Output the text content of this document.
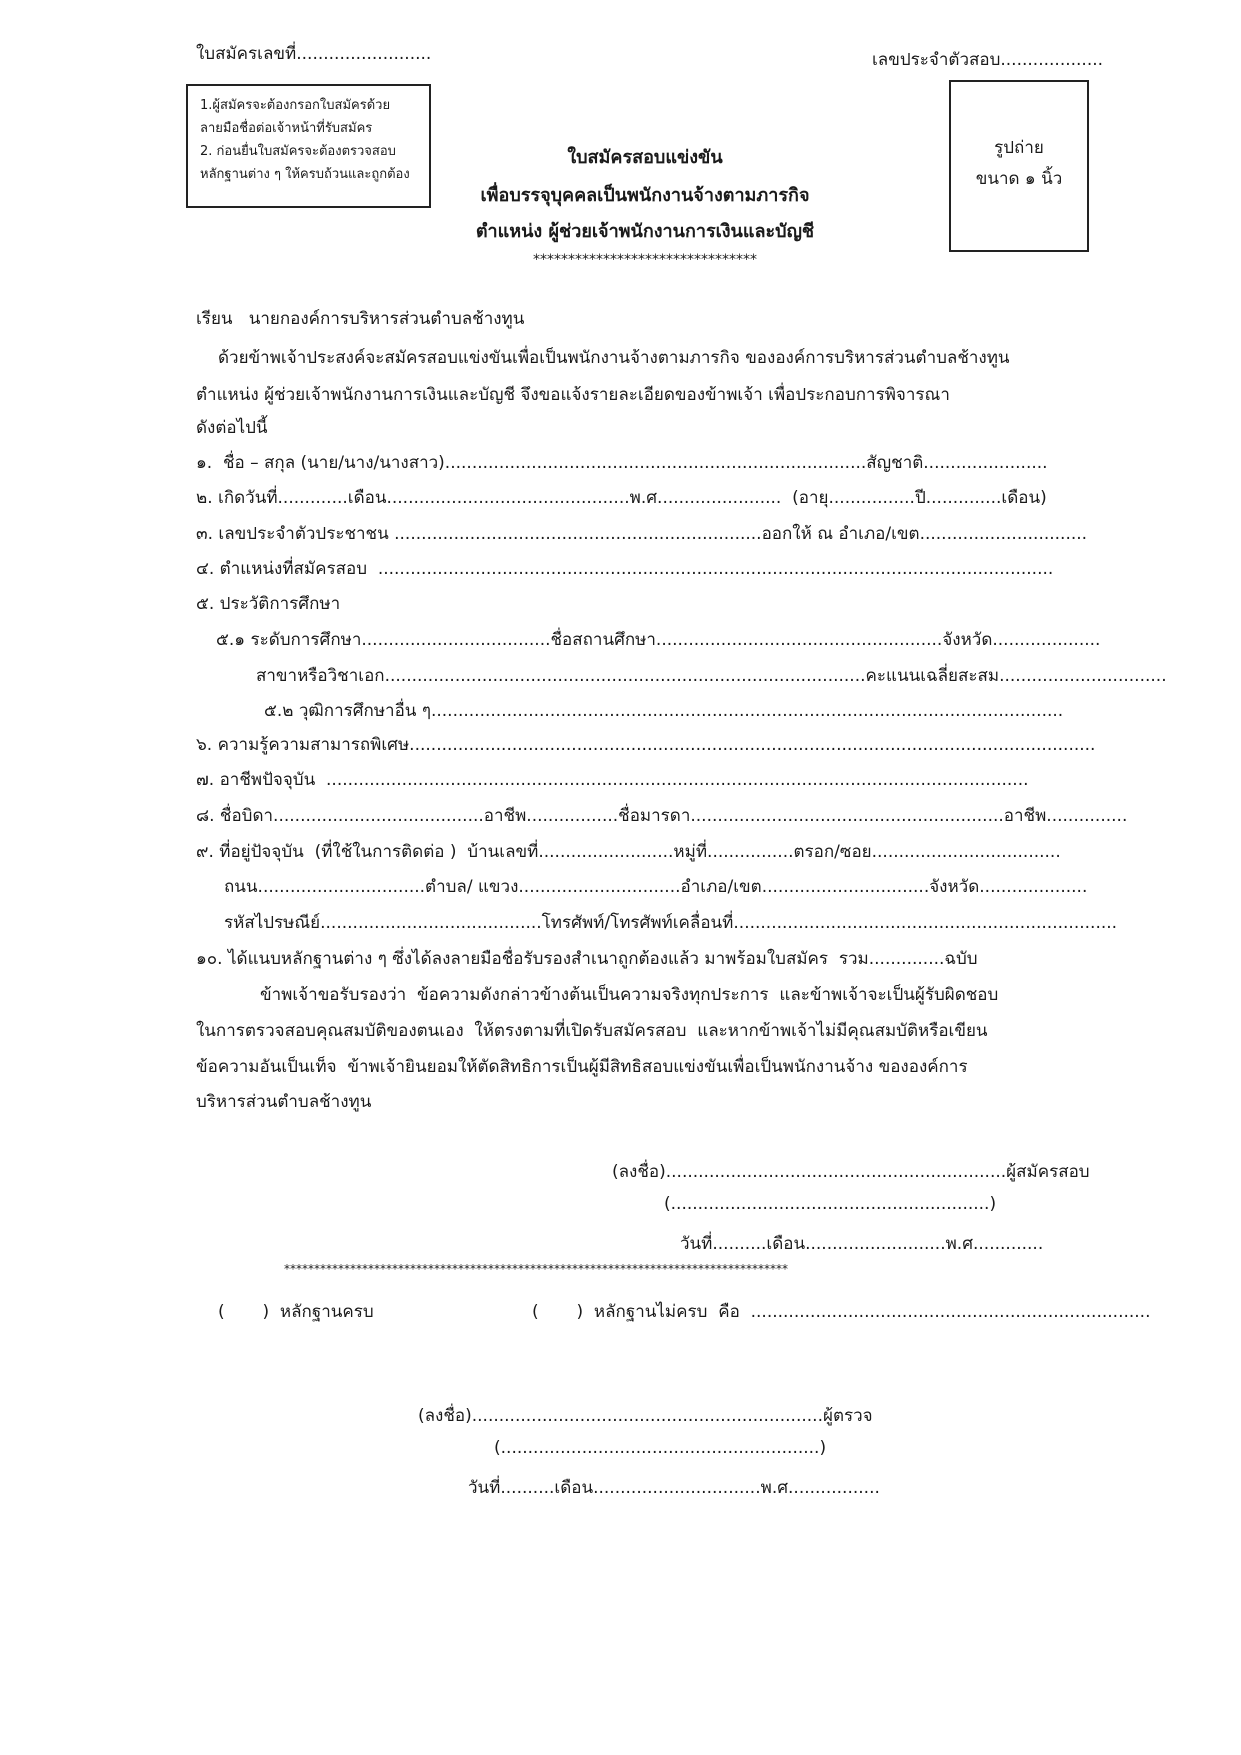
ใบสมัครเลขที่.........................	เลขประจำตัวสอบ...................
1.ผู้สมัครจะต้องกรอกใบสมัครด้วย
ลายมือชื่อต่อเจ้าหน้าที่รับสมัคร
2. ก่อนยื่นใบสมัครจะต้องตรวจสอบ
หลักฐานต่าง ๆ ให้ครบถ้วนและถูกต้อง
รูปถ่าย
ขนาด ๑ นิ้ว
ใบสมัครสอบแข่งขัน
เพื่อบรรจุบุคคลเป็นพนักงานจ้างตามภารกิจ
ตำแหน่ง ผู้ช่วยเจ้าพนักงานการเงินและบัญชี
********************************
เรียน   นายกองค์การบริหารส่วนตำบลช้างทูน
ด้วยข้าพเจ้าประสงค์จะสมัครสอบแข่งขันเพื่อเป็นพนักงานจ้างตามภารกิจ ขององค์การบริหารส่วนตำบลช้างทูน
ตำแหน่ง ผู้ช่วยเจ้าพนักงานการเงินและบัญชี จึงขอแจ้งรายละเอียดของข้าพเจ้า เพื่อประกอบการพิจารณา
ดังต่อไปนี้
๑.  ชื่อ – สกุล (นาย/นาง/นางสาว)..............................................................................สัญชาติ.......................
๒. เกิดวันที่.............เดือน.............................................พ.ศ.......................  (อายุ................ปี..............เดือน)
๓. เลขประจำตัวประชาชน ....................................................................ออกให้ ณ อำเภอ/เขต...............................
๔. ตำแหน่งที่สมัครสอบ  .............................................................................................................................
๕. ประวัติการศึกษา
๕.๑ ระดับการศึกษา...................................ชื่อสถานศึกษา.....................................................จังหวัด....................
สาขาหรือวิชาเอก.........................................................................................คะแนนเฉลี่ยสะสม...............................
๕.๒ วุฒิการศึกษาอื่น ๆ.....................................................................................................................
๖. ความรู้ความสามารถพิเศษ...............................................................................................................................
๗. อาชีพปัจจุบัน  ..................................................................................................................................
๘. ชื่อบิดา.......................................อาชีพ.................ชื่อมารดา..........................................................อาชีพ...............
๙. ที่อยู่ปัจจุบัน  (ที่ใช้ในการติดต่อ )  บ้านเลขที่.........................หมู่ที่................ตรอก/ซอย...................................
ถนน...............................ตำบล/ แขวง..............................อำเภอ/เขต...............................จังหวัด....................
รหัสไปรษณีย์.........................................โทรศัพท์/โทรศัพท์เคลื่อนที่.......................................................................
๑๐. ได้แนบหลักฐานต่าง ๆ ซึ่งได้ลงลายมือชื่อรับรองสำเนาถูกต้องแล้ว มาพร้อมใบสมัคร  รวม..............ฉบับ
ข้าพเจ้าขอรับรองว่า  ข้อความดังกล่าวข้างต้นเป็นความจริงทุกประการ  และข้าพเจ้าจะเป็นผู้รับผิดชอบ
ในการตรวจสอบคุณสมบัติของตนเอง  ให้ตรงตามที่เปิดรับสมัครสอบ  และหากข้าพเจ้าไม่มีคุณสมบัติหรือเขียน
ข้อความอันเป็นเท็จ  ข้าพเจ้ายินยอมให้ตัดสิทธิการเป็นผู้มีสิทธิสอบแข่งขันเพื่อเป็นพนักงานจ้าง ขององค์การ
บริหารส่วนตำบลช้างทูน
(ลงชื่อ)...............................................................ผู้สมัครสอบ
(...........................................................)
วันที่..........เดือน..........................พ.ศ.............
************************************************************************************
(       )  หลักฐานครบ	(       )  หลักฐานไม่ครบ  คือ  ..........................................................................
(ลงชื่อ).................................................................ผู้ตรวจ
(...........................................................)
วันที่..........เดือน...............................พ.ศ.................
